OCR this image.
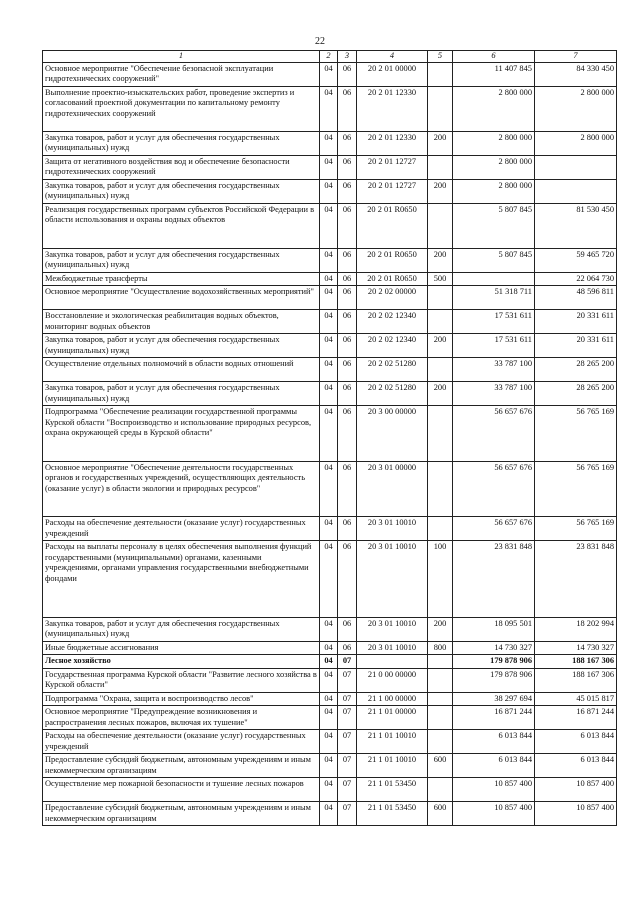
22
1	2	3	4	5	6	7
Основное мероприятие "Обеспечение безопасной эксплуатации гидротехнических сооружений"	04	06	20 2 01 00000		11 407 845	84 330 450
Выполнение проектно-изыскательских работ, проведение экспертиз и согласований проектной документации по капитальному ремонту гидротехнических сооружений	04	06	20 2 01 12330		2 800 000	2 800 000
Закупка товаров, работ и услуг для обеспечения государственных (муниципальных) нужд	04	06	20 2 01 12330	200	2 800 000	2 800 000
Защита от негативного воздействия вод и обеспечение безопасности гидротехнических сооружений	04	06	20 2 01 12727		2 800 000	
Закупка товаров, работ и услуг для обеспечения государственных (муниципальных) нужд	04	06	20 2 01 12727	200	2 800 000	
Реализация государственных программ субъектов Российской Федерации в области использования и охраны водных объектов	04	06	20 2 01 R0650		5 807 845	81 530 450
Закупка товаров, работ и услуг для обеспечения государственных (муниципальных) нужд	04	06	20 2 01 R0650	200	5 807 845	59 465 720
Межбюджетные трансферты	04	06	20 2 01 R0650	500		22 064 730
Основное мероприятие "Осуществление водохозяйственных мероприятий"	04	06	20 2 02 00000		51 318 711	48 596 811
Восстановление и экологическая реабилитация водных объектов, мониторинг водных объектов	04	06	20 2 02 12340		17 531 611	20 331 611
Закупка товаров, работ и услуг для обеспечения государственных (муниципальных) нужд	04	06	20 2 02 12340	200	17 531 611	20 331 611
Осуществление отдельных полномочий в области водных отношений	04	06	20 2 02 51280		33 787 100	28 265 200
Закупка товаров, работ и услуг для обеспечения государственных (муниципальных) нужд	04	06	20 2 02 51280	200	33 787 100	28 265 200
Подпрограмма "Обеспечение реализации государственной программы Курской области "Воспроизводство и использование природных ресурсов, охрана окружающей среды в Курской области"	04	06	20 3 00 00000		56 657 676	56 765 169
Основное мероприятие "Обеспечение деятельности государственных органов и государственных учреждений, осуществляющих деятельность (оказание услуг) в области экологии и природных ресурсов"	04	06	20 3 01 00000		56 657 676	56 765 169
Расходы на обеспечение деятельности (оказание услуг) государственных учреждений	04	06	20 3 01 10010		56 657 676	56 765 169
Расходы на выплаты персоналу в целях обеспечения выполнения функций государственными (муниципальными) органами, казенными учреждениями, органами управления государственными внебюджетными фондами	04	06	20 3 01 10010	100	23 831 848	23 831 848
Закупка товаров, работ и услуг для обеспечения государственных (муниципальных) нужд	04	06	20 3 01 10010	200	18 095 501	18 202 994
Иные бюджетные ассигнования	04	06	20 3 01 10010	800	14 730 327	14 730 327
Лесное хозяйство	04	07			179 878 906	188 167 306
Государственная программа Курской области "Развитие лесного хозяйства в Курской области"	04	07	21 0 00 00000		179 878 906	188 167 306
Подпрограмма "Охрана, защита и воспроизводство лесов"	04	07	21 1 00 00000		38 297 694	45 015 817
Основное мероприятие "Предупреждение возникновения и распространения лесных пожаров, включая их тушение"	04	07	21 1 01 00000		16 871 244	16 871 244
Расходы на обеспечение деятельности (оказание услуг) государственных учреждений	04	07	21 1 01 10010		6 013 844	6 013 844
Предоставление субсидий бюджетным, автономным учреждениям и иным некоммерческим организациям	04	07	21 1 01 10010	600	6 013 844	6 013 844
Осуществление мер пожарной безопасности и тушение лесных пожаров	04	07	21 1 01 53450		10 857 400	10 857 400
Предоставление субсидий бюджетным, автономным учреждениям и иным некоммерческим организациям	04	07	21 1 01 53450	600	10 857 400	10 857 400
